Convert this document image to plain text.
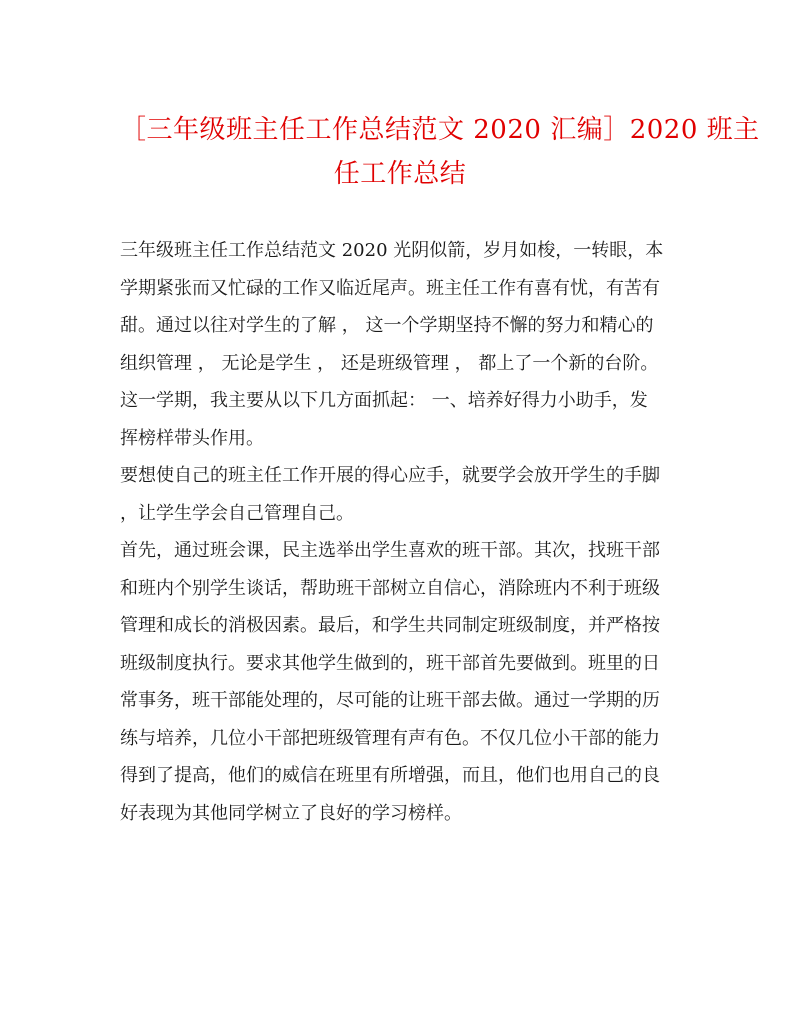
［三年级班主任工作总结范文 2020 汇编］2020 班主
任工作总结
三年级班主任工作总结范文 2020 光阴似箭，岁月如梭，一转眼，本
学期紧张而又忙碌的工作又临近尾声。班主任工作有喜有忧，有苦有
甜。通过以往对学生的了解 ， 这一个学期坚持不懈的努力和精心的
组织管理 ， 无论是学生 ， 还是班级管理 ， 都上了一个新的台阶。
这一学期，我主要从以下几方面抓起： 一、培养好得力小助手，发
挥榜样带头作用。
要想使自己的班主任工作开展的得心应手，就要学会放开学生的手脚
，让学生学会自己管理自己。
首先，通过班会课，民主选举出学生喜欢的班干部。其次，找班干部
和班内个别学生谈话，帮助班干部树立自信心，消除班内不利于班级
管理和成长的消极因素。最后，和学生共同制定班级制度，并严格按
班级制度执行。要求其他学生做到的，班干部首先要做到。班里的日
常事务，班干部能处理的，尽可能的让班干部去做。通过一学期的历
练与培养，几位小干部把班级管理有声有色。不仅几位小干部的能力
得到了提高，他们的威信在班里有所增强，而且，他们也用自己的良
好表现为其他同学树立了良好的学习榜样。
